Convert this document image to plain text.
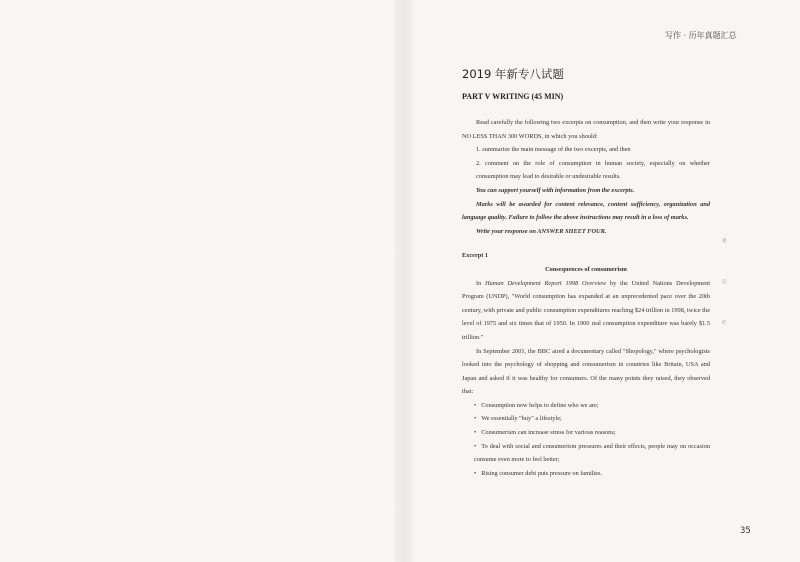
写作 · 历年真题汇总
2019 年新专八试题
PART V WRITING (45 MIN)

Read carefully the following two excerpts on consumption, and then write your response in NO LESS THAN 300 WORDS, in which you should:

1. summarize the main message of the two excerpts, and then

2. comment on the role of consumption in human society, especially on whether consumption may lead to desirable or undesirable results.

You can support yourself with information from the excerpts.

Marks will be awarded for content relevance, content sufficiency, organization and language quality. Failure to follow the above instructions may result in a loss of marks.

Write your response on ANSWER SHEET FOUR.

Excerpt 1

Consequences of consumerism

In Human Development Report 1998 Overview by the United Nations Development Program (UNDP), "World consumption has expanded at an unprecedented pace over the 20th century, with private and public consumption expenditures reaching $24 trillion in 1998, twice the level of 1975 and six times that of 1950. In 1900 real consumption expenditure was barely $1.5 trillion."

In September 2001, the BBC aired a documentary called "Shopology," where psychologists looked into the psychology of shopping and consumerism in countries like Britain, USA and Japan and asked if it was healthy for consumers. Of the many points they raised, they observed that:

• Consumption now helps to define who we are;

• We essentially "buy" a lifestyle;

• Consumerism can increase stress for various reasons;

• To deal with social and consumerism pressures and their effects, people may on occasion consume even more to feel better;

• Rising consumer debt puts pressure on families.

笔
记
栏
35
